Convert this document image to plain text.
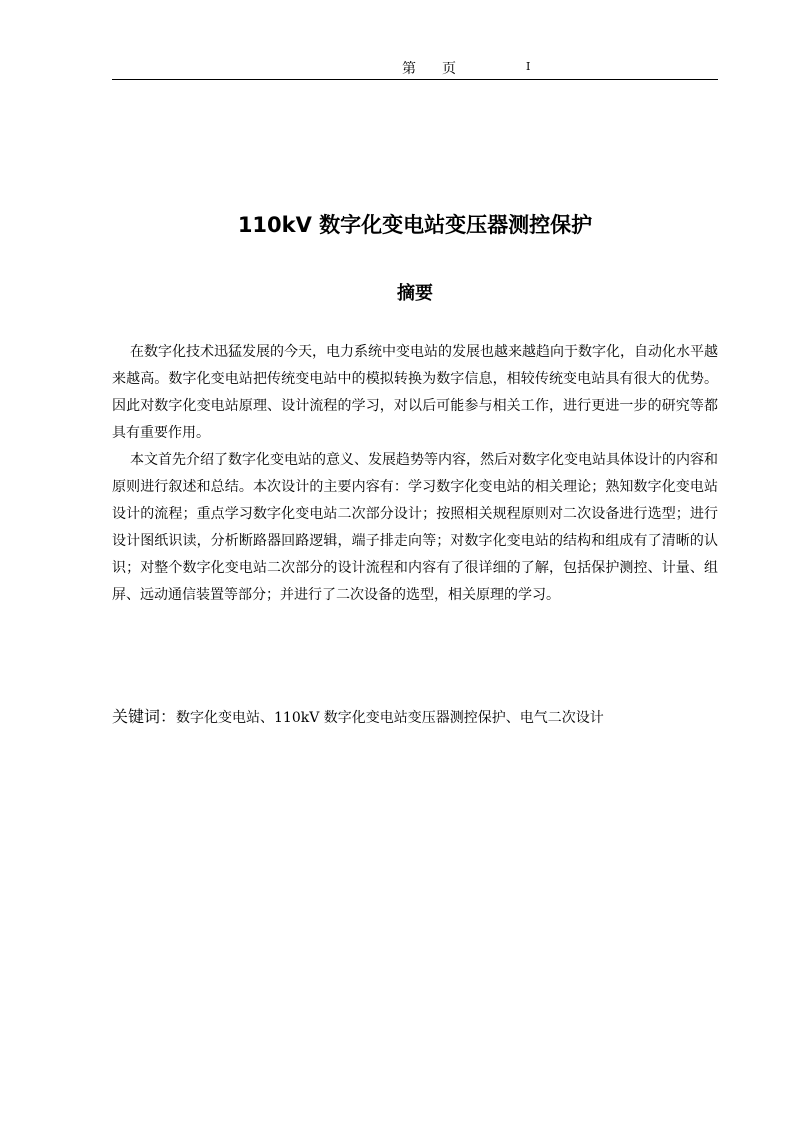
第 页	I
110kV 数字化变电站变压器测控保护
摘要

在数字化技术迅猛发展的今天，电力系统中变电站的发展也越来越趋向于数字化，自动化水平越来越高。数字化变电站把传统变电站中的模拟转换为数字信息，相较传统变电站具有很大的优势。因此对数字化变电站原理、设计流程的学习，对以后可能参与相关工作，进行更进一步的研究等都具有重要作用。

本文首先介绍了数字化变电站的意义、发展趋势等内容，然后对数字化变电站具体设计的内容和原则进行叙述和总结。本次设计的主要内容有：学习数字化变电站的相关理论；熟知数字化变电站设计的流程；重点学习数字化变电站二次部分设计；按照相关规程原则对二次设备进行选型；进行设计图纸识读，分析断路器回路逻辑，端子排走向等；对数字化变电站的结构和组成有了清晰的认识；对整个数字化变电站二次部分的设计流程和内容有了很详细的了解，包括保护测控、计量、组屏、远动通信装置等部分；并进行了二次设备的选型，相关原理的学习。

关键词：数字化变电站、110kV 数字化变电站变压器测控保护、电气二次设计
